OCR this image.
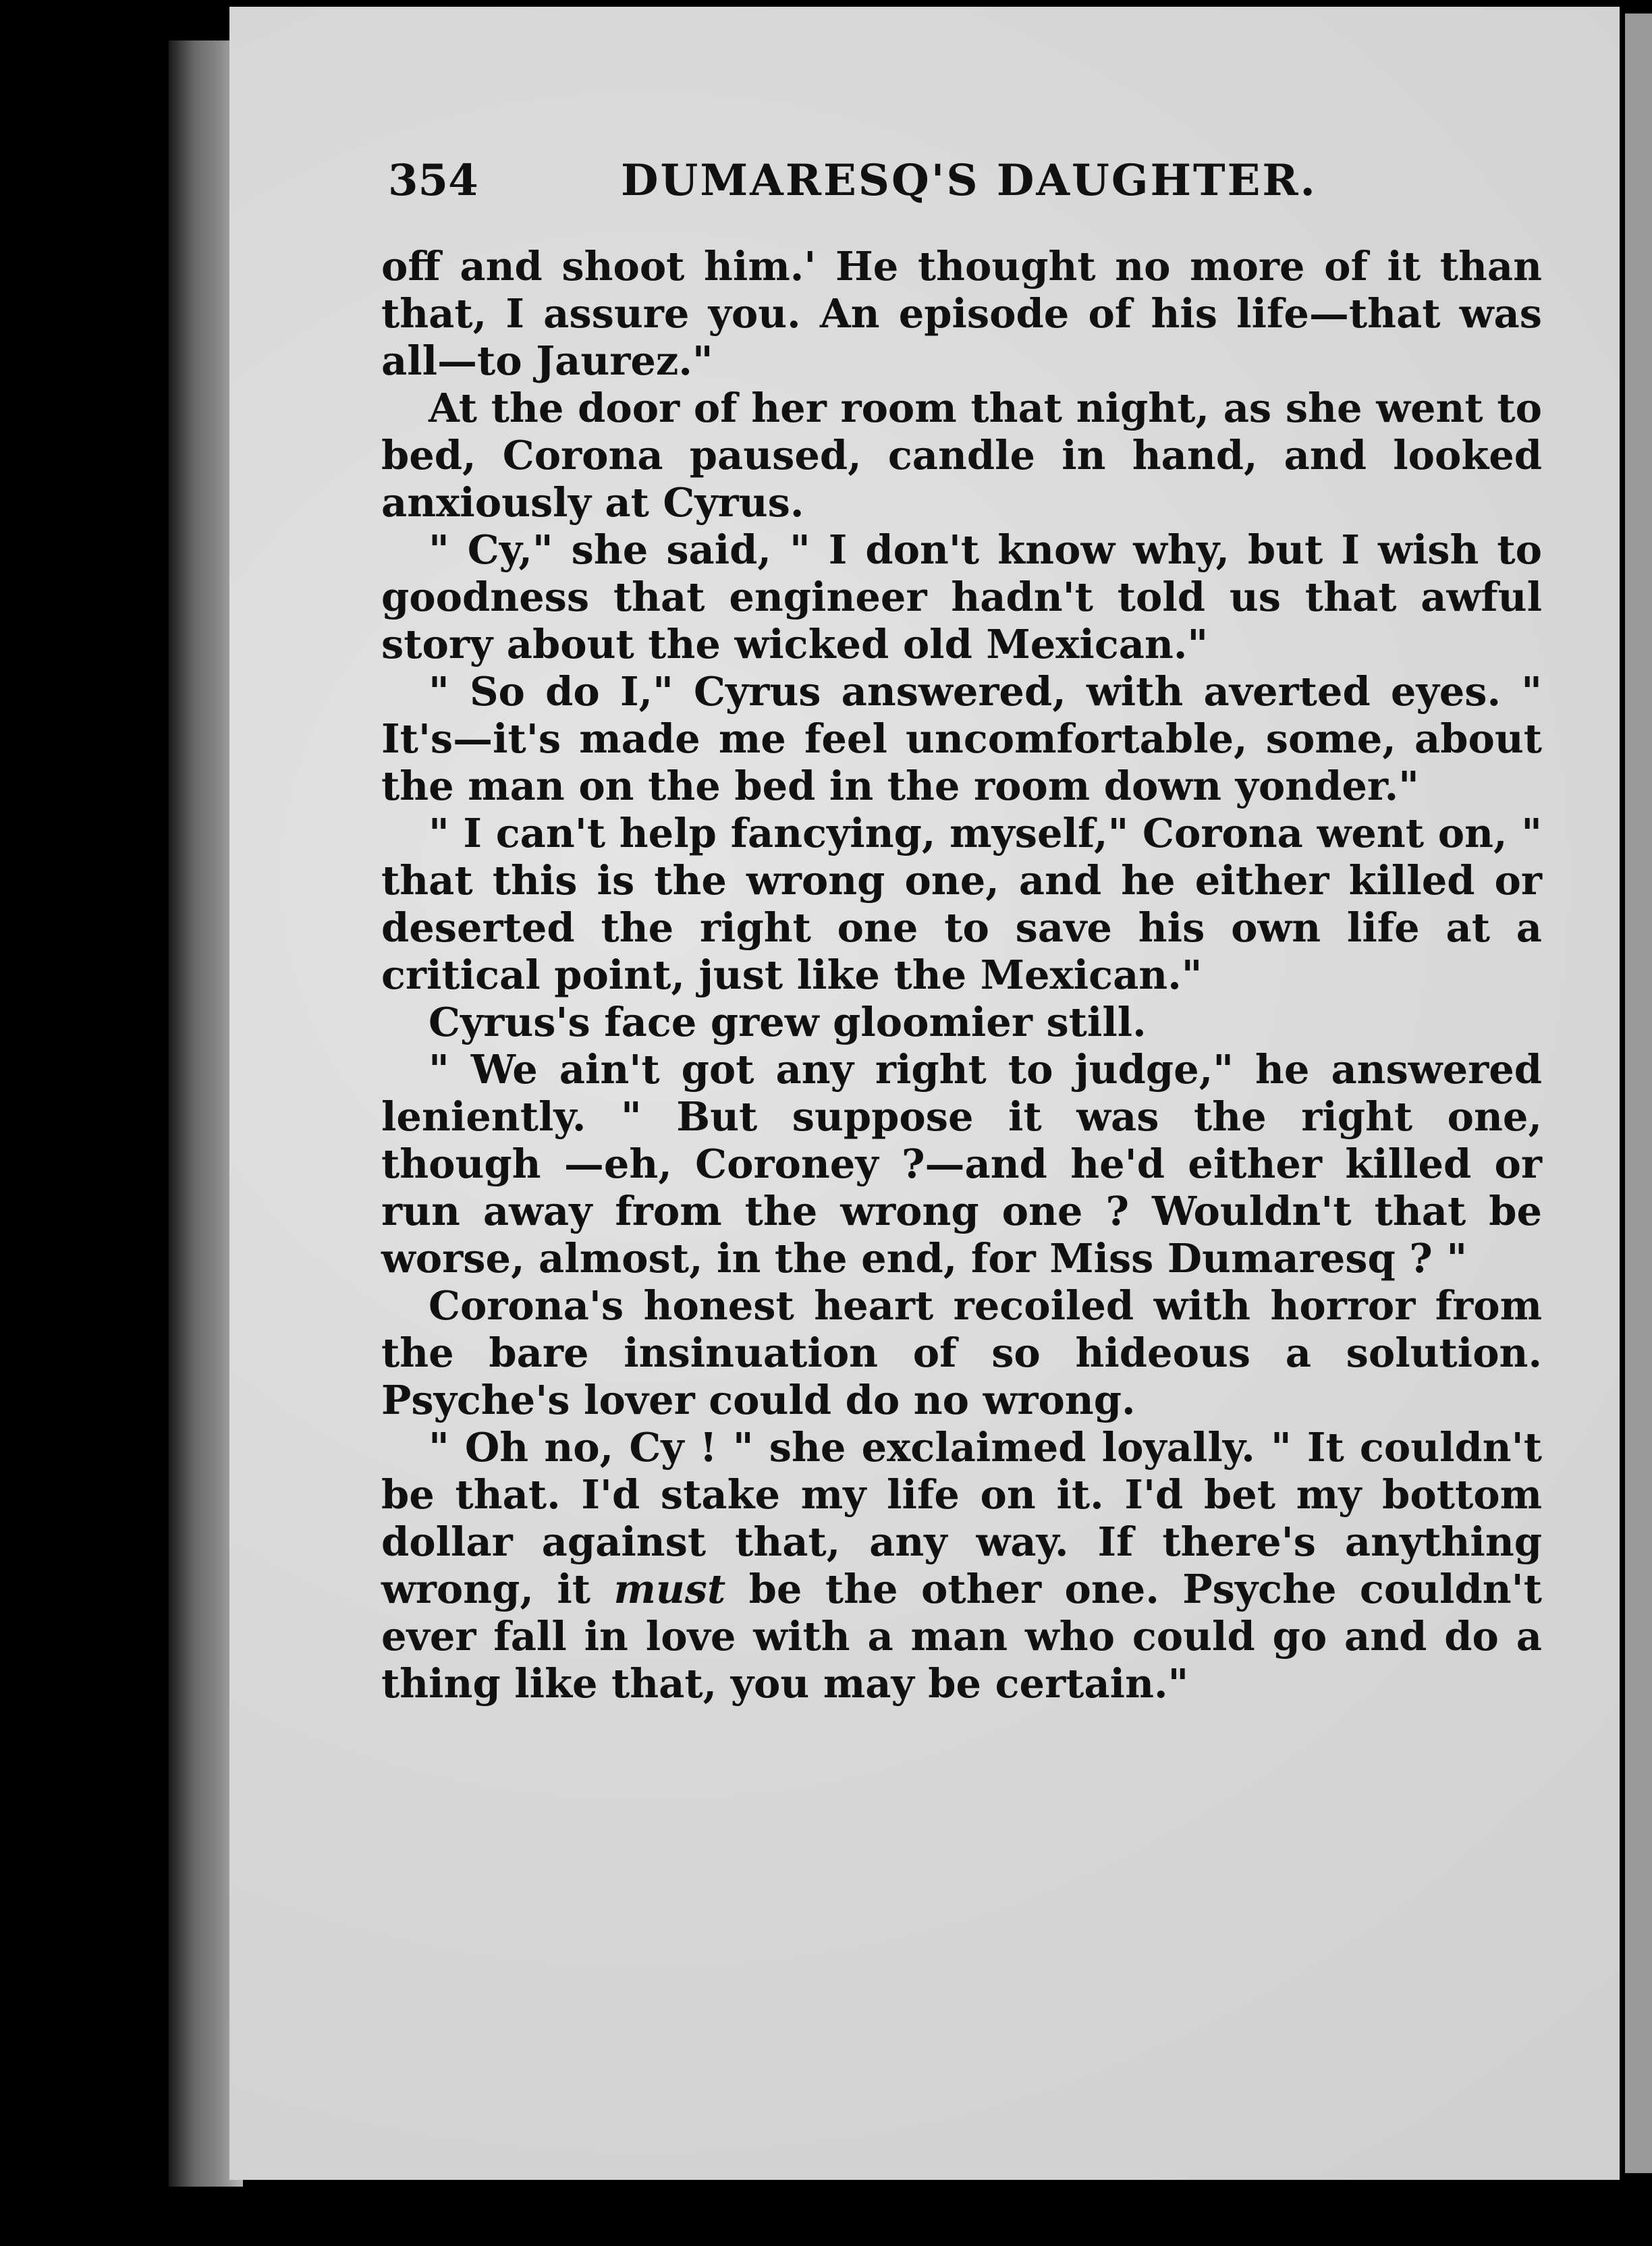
354	DUMARESQ'S DAUGHTER.

off and shoot him.' He thought no more of it than that, I assure you. An episode of his life—that was all—to Jaurez."

At the door of her room that night, as she went to bed, Corona paused, candle in hand, and looked anxiously at Cyrus.

" Cy," she said, " I don't know why, but I wish to goodness that engineer hadn't told us that awful story about the wicked old Mexican."

" So do I," Cyrus answered, with averted eyes. " It's—it's made me feel uncomfortable, some, about the man on the bed in the room down yonder."

" I can't help fancying, myself," Corona went on, " that this is the wrong one, and he either killed or deserted the right one to save his own life at a critical point, just like the Mexican."

Cyrus's face grew gloomier still.

" We ain't got any right to judge," he answered leniently. " But suppose it was the right one, though —eh, Coroney ?—and he'd either killed or run away from the wrong one ? Wouldn't that be worse, almost, in the end, for Miss Dumaresq ? "

Corona's honest heart recoiled with horror from the bare insinuation of so hideous a solution. Psyche's lover could do no wrong.

" Oh no, Cy ! " she exclaimed loyally. " It couldn't be that. I'd stake my life on it. I'd bet my bottom dollar against that, any way. If there's anything wrong, it must be the other one. Psyche couldn't ever fall in love with a man who could go and do a thing like that, you may be certain."
